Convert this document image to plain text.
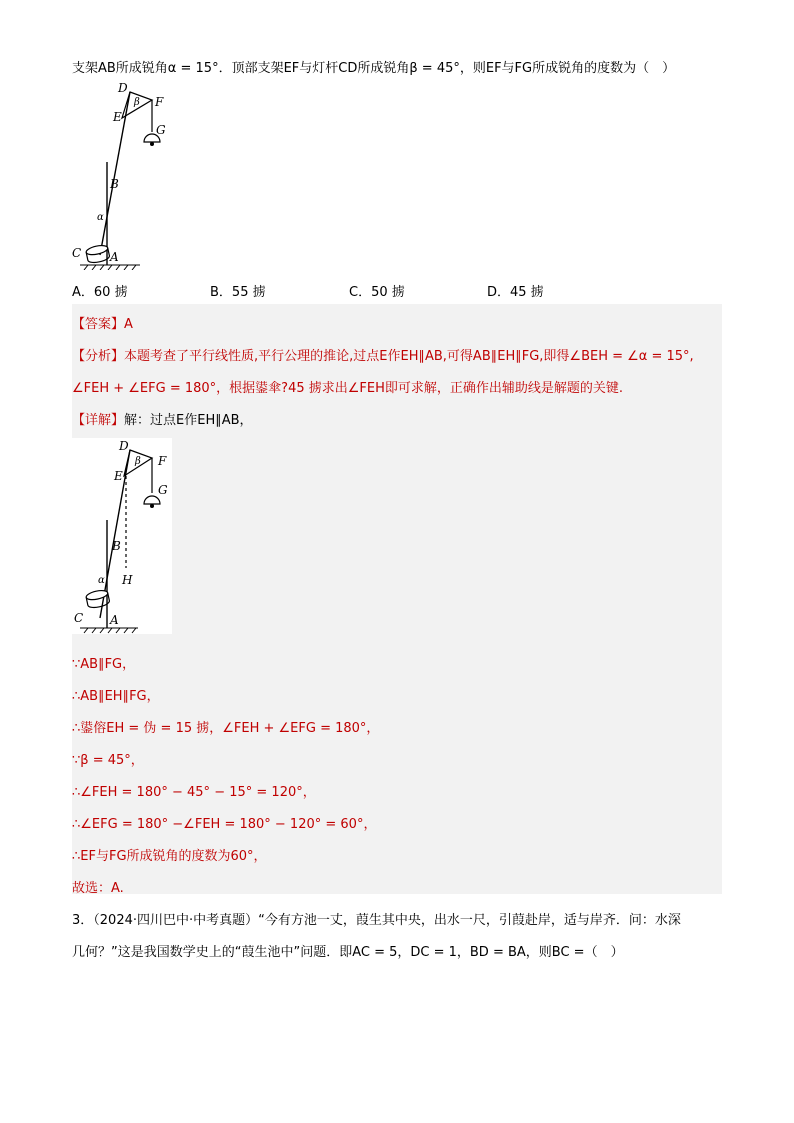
支架AB所成锐角α = 15°．顶部支架EF与灯杆CD所成锐角β = 45°，则EF与FG所成锐角的度数为（　）
D
F
E
G
β
B
α
C A
A．60 掳	B．55 掳	C．50 掳	D．45 掳
【答案】A
【分析】本题考查了平行线性质,平行公理的推论,过点E作EH∥AB,可得AB∥EH∥FG,即得∠BEH = ∠α = 15°,
∠FEH + ∠EFG = 180°，根据鍙傘?45 掳求出∠FEH即可求解，正确作出辅助线是解题的关键.
【详解】解：过点E作EH∥AB，
D
F
E
G
β
B
H
α
C A
∵AB∥FG，
∴AB∥EH∥FG，
∴鍙傛EH = 伪 = 15 掳，∠FEH + ∠EFG = 180°，
∵β = 45°，
∴∠FEH = 180° − 45° − 15° = 120°，
∴∠EFG = 180° −∠FEH = 180° − 120° = 60°，
∴EF与FG所成锐角的度数为60°，
故选：A.
3．（2024·四川巴中·中考真题）“今有方池一丈，葭生其中央，出水一尺，引葭赴岸，适与岸齐．问：水深
几何？”这是我国数学史上的“葭生池中”问题．即AC = 5，DC = 1，BD = BA，则BC =（　）
